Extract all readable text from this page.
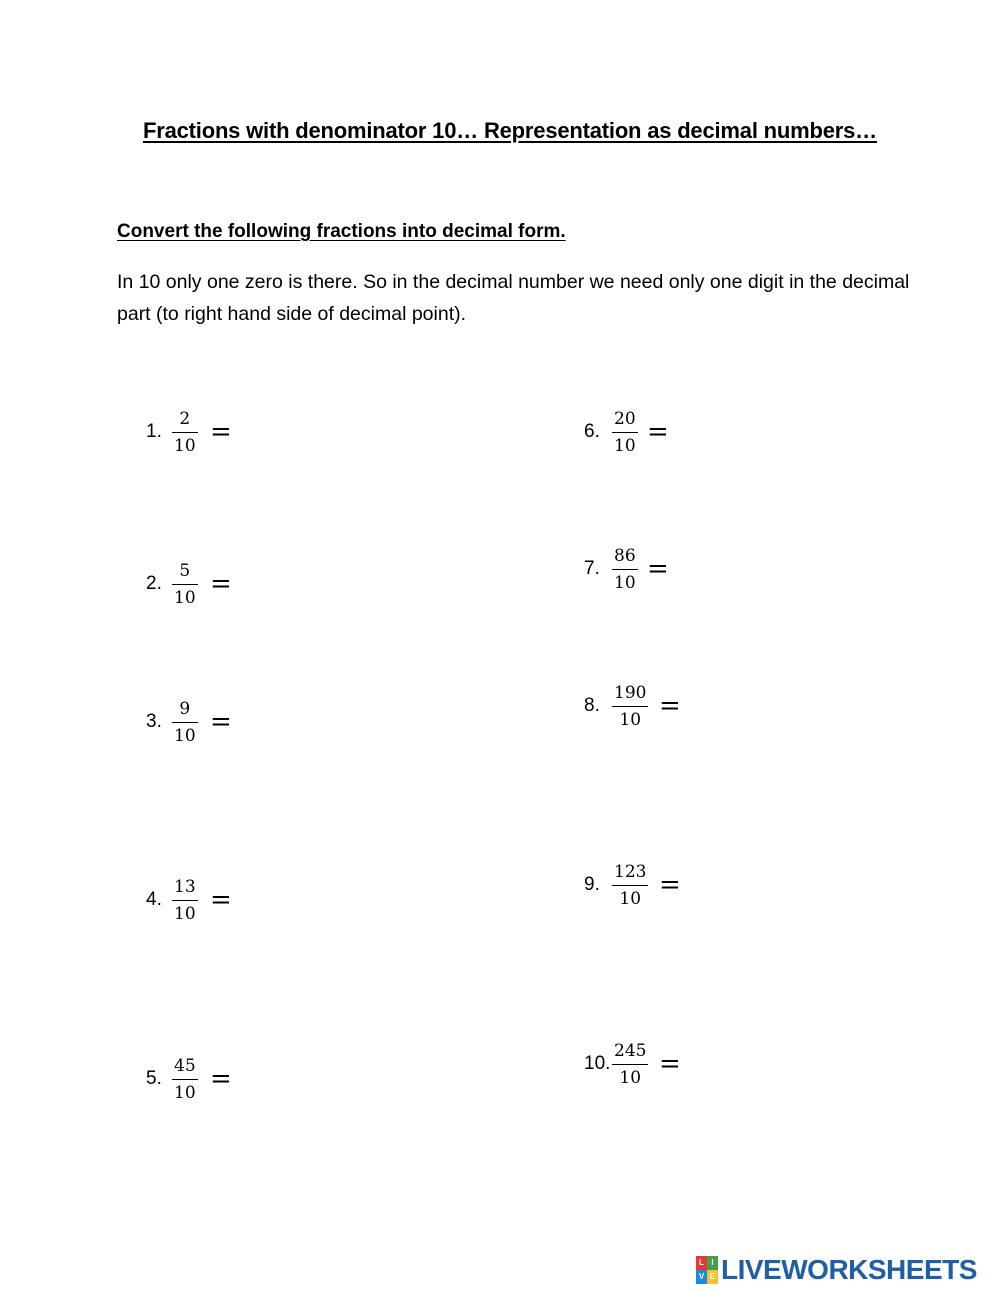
Fractions with denominator 10… Representation as decimal numbers…
Convert the following fractions into decimal form.
In 10 only one zero is there. So in the decimal number we need only one digit in the decimal part (to right hand side of decimal point).
1.
2
10 =
2.
5
10 =
3.
9
10 =
4.
13
10 =
5.
45
10 =
6.
20
10 =
7.
86
10 =
8.
190
10 =
9.
123
10 =
10.
245
10 =
L I
V E LIVEWORKSHEETS
